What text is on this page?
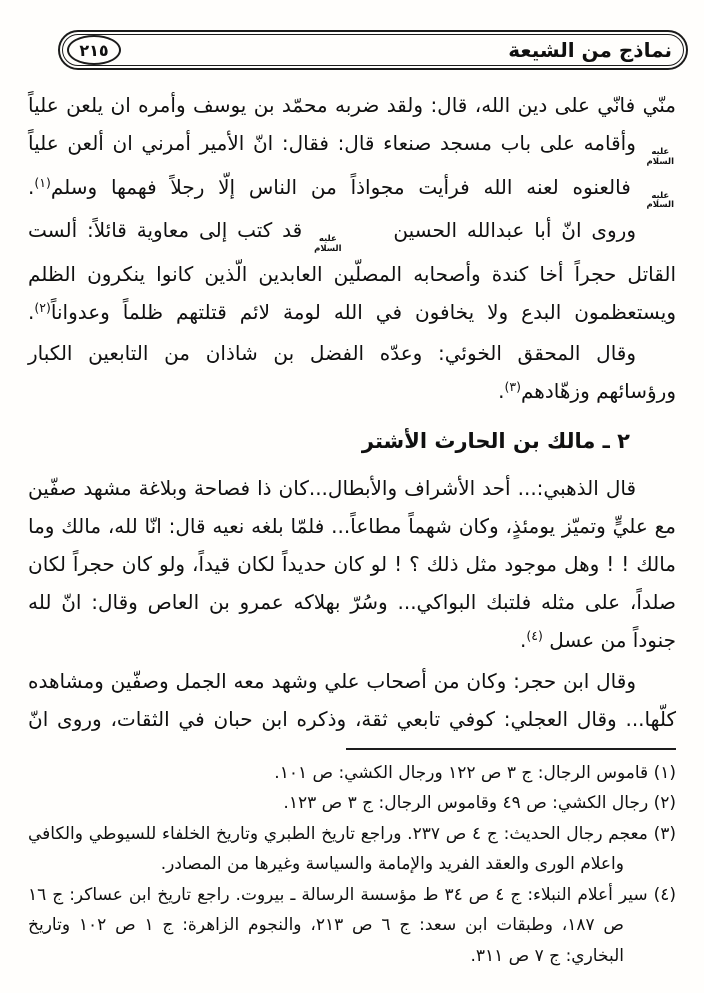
نماذج من الشيعة
٢١٥

منّي فانّي على دين الله، قال: ولقد ضربه محمّد بن يوسف وأمره ان يلعن علياً
عليه
السلام
وأقامه على باب مسجد صنعاء قال: فقال: انّ الأمير أمرني ان ألعن علياً
عليه
السلام
فالعنوه لعنه الله فرأيت مجواذاً من الناس إلّا رجلاً فهمها وسلم$^{(١)}$.

وروى انّ أبا عبدالله الحسين
عليه
السلام
قد كتب إلى معاوية قائلاً: ألست القاتل حجراً أخا كندة وأصحابه المصلّين العابدين الّذين كانوا ينكرون الظلم ويستعظمون البدع ولا يخافون في الله لومة لائم قتلتهم ظلماً وعدواناً$^{(٢)}$.

وقال المحقق الخوئي: وعدّه الفضل بن شاذان من التابعين الكبار ورؤسائهم وزهّادهم$^{(٣)}$.

٢ ـ مالك بن الحارث الأشتر

قال الذهبي:... أحد الأشراف والأبطال...كان ذا فصاحة وبلاغة مشهد صفّين مع عليٍّ وتميّز يومئذٍ، وكان شهماً مطاعاً... فلمّا بلغه نعيه قال: انّا لله، مالك وما مالك ! ! وهل موجود مثل ذلك ؟ ! لو كان حديداً لكان قيداً، ولو كان حجراً لكان صلداً، على مثله فلتبك البواكي... وسُرّ بهلاكه عمرو بن العاص وقال: انّ لله جنوداً من عسل $^{(٤)}$.

وقال ابن حجر: وكان من أصحاب علي وشهد معه الجمل وصفّين ومشاهده كلّها... وقال العجلي: كوفي تابعي ثقة، وذكره ابن حبان في الثقات، وروى انّ

(١) قاموس الرجال: ج ٣ ص ١٢٢ ورجال الكشي: ص ١٠١.

(٢) رجال الكشي: ص ٤٩ وقاموس الرجال: ج ٣ ص ١٢٣.

(٣) معجم رجال الحديث: ج ٤ ص ٢٣٧. وراجع تاريخ الطبري وتاريخ الخلفاء للسيوطي والكافي واعلام الورى والعقد الفريد والإمامة والسياسة وغيرها من المصادر.

(٤) سير أعلام النبلاء: ج ٤ ص ٣٤ ط مؤسسة الرسالة ـ بيروت. راجع تاريخ ابن عساكر: ج ١٦ ص ١٨٧، وطبقات ابن سعد: ج ٦ ص ٢١٣، والنجوم الزاهرة: ج ١ ص ١٠٢ وتاريخ البخاري: ج ٧ ص ٣١١.
